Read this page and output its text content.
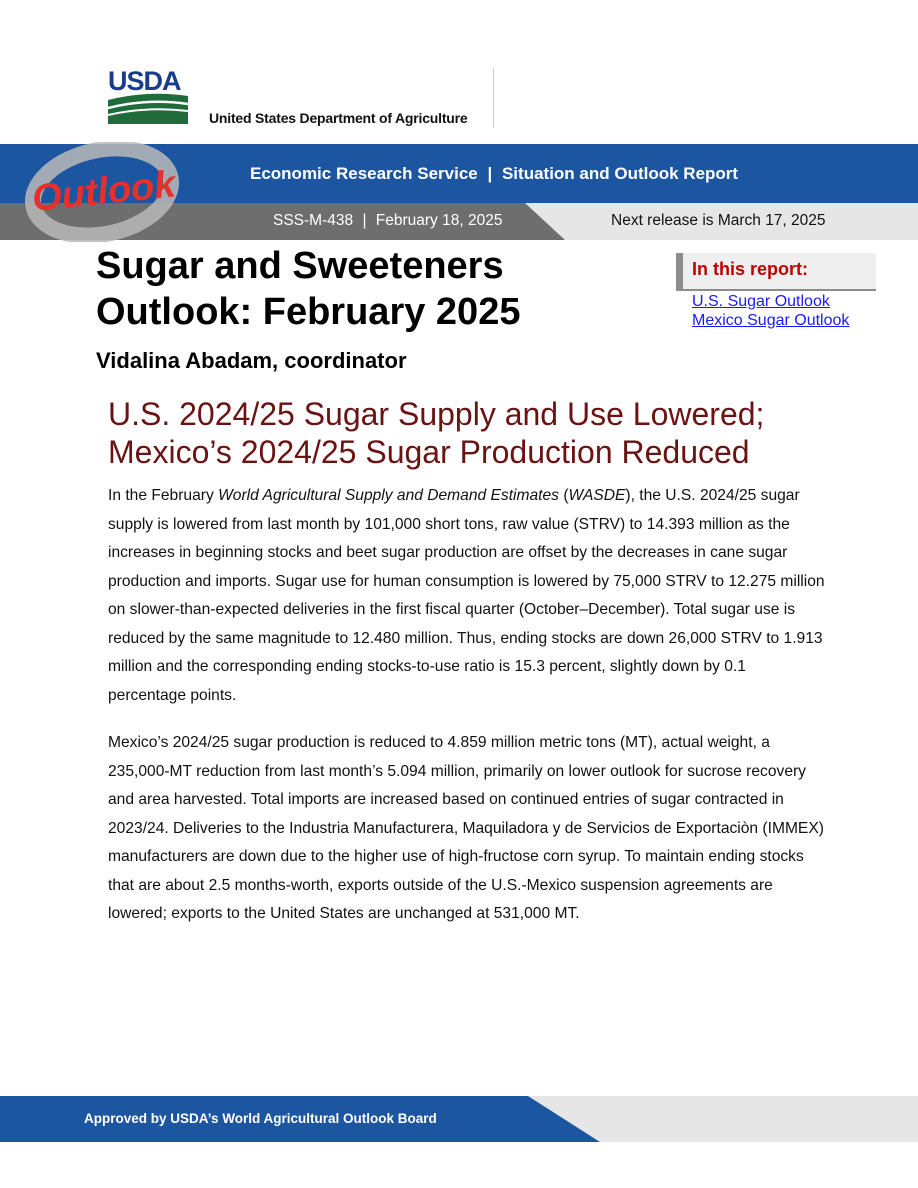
USDA
United States Department of Agriculture
Economic Research Service | Situation and Outlook Report
SSS-M-438 | February 18, 2025	Next release is March 17, 2025
Outlook
Sugar and Sweeteners
Outlook: February 2025
Vidalina Abadam, coordinator
In this report:
U.S. Sugar Outlook
Mexico Sugar Outlook
U.S. 2024/25 Sugar Supply and Use Lowered;
Mexico’s 2024/25 Sugar Production Reduced
In the February World Agricultural Supply and Demand Estimates (WASDE), the U.S. 2024/25 sugar supply is lowered from last month by 101,000 short tons, raw value (STRV) to 14.393 million as the increases in beginning stocks and beet sugar production are offset by the decreases in cane sugar production and imports. Sugar use for human consumption is lowered by 75,000 STRV to 12.275 million on slower-than-expected deliveries in the first fiscal quarter (October–December). Total sugar use is reduced by the same magnitude to 12.480 million. Thus, ending stocks are down 26,000 STRV to 1.913 million and the corresponding ending stocks-to-use ratio is 15.3 percent, slightly down by 0.1 percentage points.
Mexico’s 2024/25 sugar production is reduced to 4.859 million metric tons (MT), actual weight, a 235,000-MT reduction from last month’s 5.094 million, primarily on lower outlook for sucrose recovery and area harvested. Total imports are increased based on continued entries of sugar contracted in 2023/24. Deliveries to the Industria Manufacturera, Maquiladora y de Servicios de Exportaciòn (IMMEX) manufacturers are down due to the higher use of high-fructose corn syrup. To maintain ending stocks that are about 2.5 months-worth, exports outside of the U.S.-Mexico suspension agreements are lowered; exports to the United States are unchanged at 531,000 MT.
Approved by USDA’s World Agricultural Outlook Board
